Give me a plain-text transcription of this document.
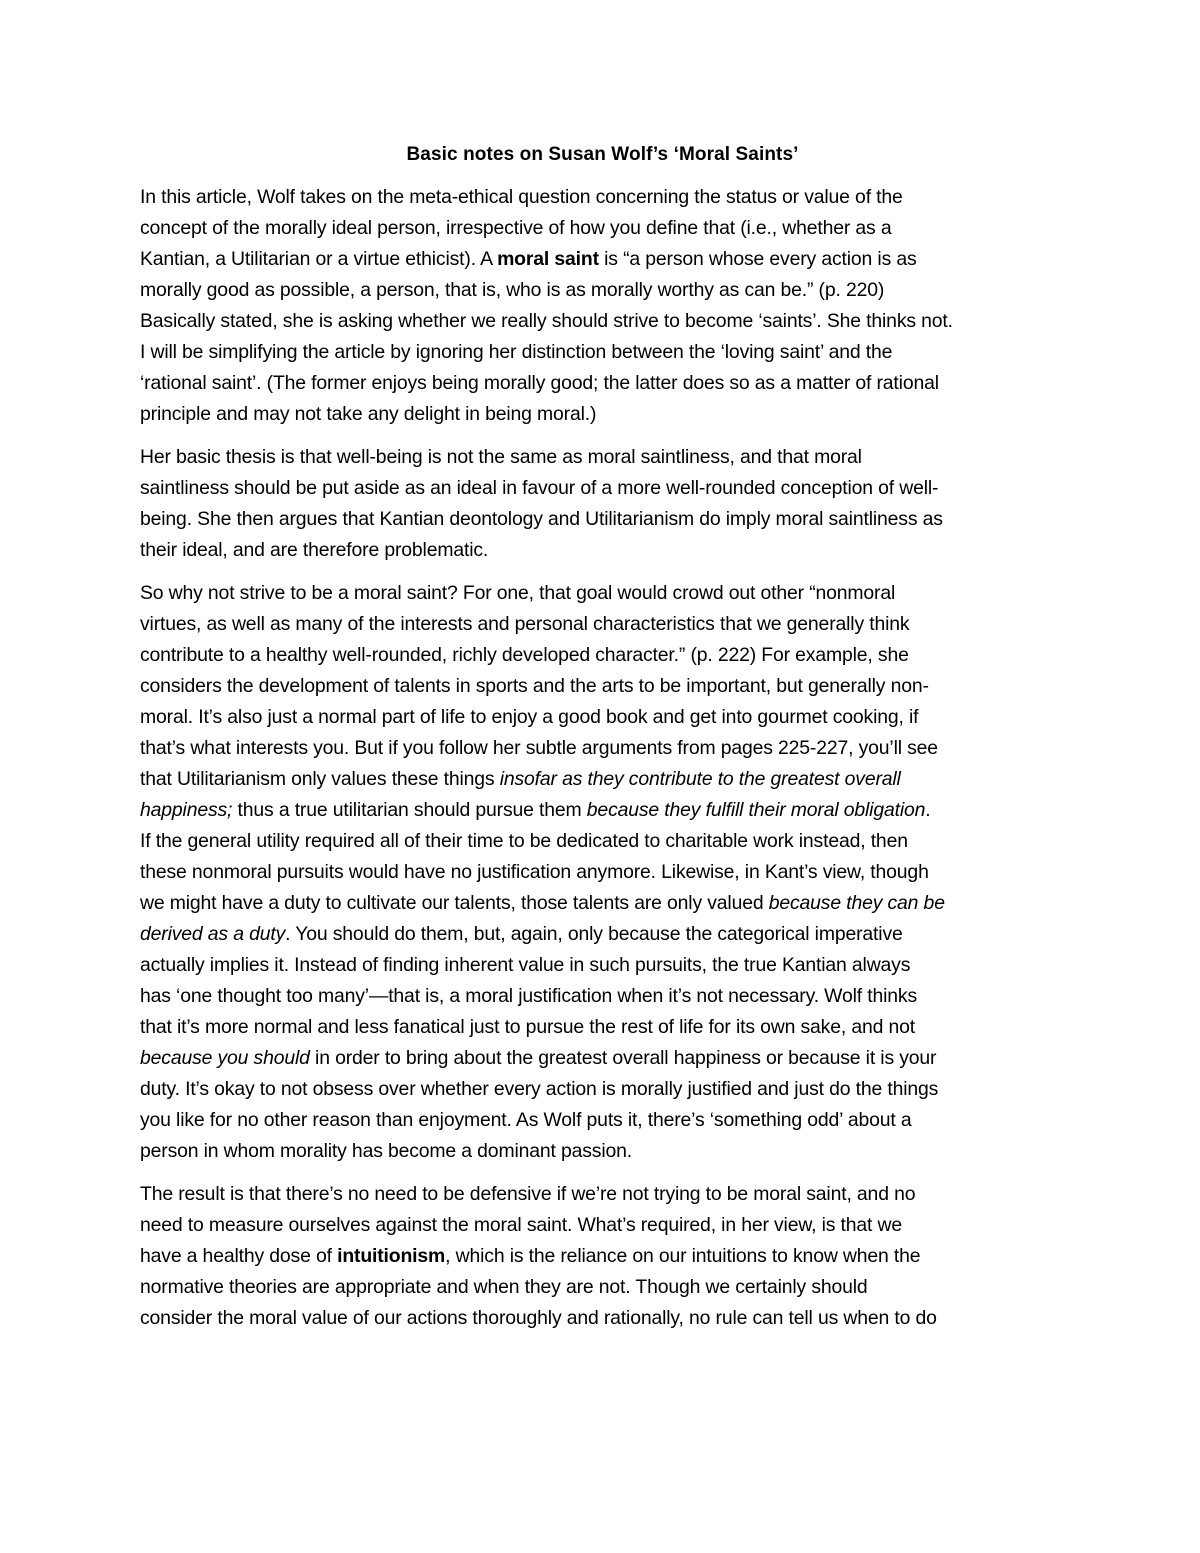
Basic notes on Susan Wolf’s ‘Moral Saints’
In this article, Wolf takes on the meta-ethical question concerning the status or value of the
concept of the morally ideal person, irrespective of how you define that (i.e., whether as a
Kantian, a Utilitarian or a virtue ethicist). A moral saint is “a person whose every action is as
morally good as possible, a person, that is, who is as morally worthy as can be.” (p. 220)
Basically stated, she is asking whether we really should strive to become ‘saints’. She thinks not.
I will be simplifying the article by ignoring her distinction between the ‘loving saint’ and the
‘rational saint’. (The former enjoys being morally good; the latter does so as a matter of rational
principle and may not take any delight in being moral.)
Her basic thesis is that well-being is not the same as moral saintliness, and that moral
saintliness should be put aside as an ideal in favour of a more well-rounded conception of well-
being. She then argues that Kantian deontology and Utilitarianism do imply moral saintliness as
their ideal, and are therefore problematic.
So why not strive to be a moral saint? For one, that goal would crowd out other “nonmoral
virtues, as well as many of the interests and personal characteristics that we generally think
contribute to a healthy well-rounded, richly developed character.” (p. 222) For example, she
considers the development of talents in sports and the arts to be important, but generally non-
moral. It’s also just a normal part of life to enjoy a good book and get into gourmet cooking, if
that’s what interests you. But if you follow her subtle arguments from pages 225-227, you’ll see
that Utilitarianism only values these things insofar as they contribute to the greatest overall
happiness; thus a true utilitarian should pursue them because they fulfill their moral obligation.
If the general utility required all of their time to be dedicated to charitable work instead, then
these nonmoral pursuits would have no justification anymore. Likewise, in Kant’s view, though
we might have a duty to cultivate our talents, those talents are only valued because they can be
derived as a duty. You should do them, but, again, only because the categorical imperative
actually implies it. Instead of finding inherent value in such pursuits, the true Kantian always
has ‘one thought too many’—that is, a moral justification when it’s not necessary. Wolf thinks
that it’s more normal and less fanatical just to pursue the rest of life for its own sake, and not
because you should in order to bring about the greatest overall happiness or because it is your
duty. It’s okay to not obsess over whether every action is morally justified and just do the things
you like for no other reason than enjoyment. As Wolf puts it, there’s ‘something odd’ about a
person in whom morality has become a dominant passion.
The result is that there’s no need to be defensive if we’re not trying to be moral saint, and no
need to measure ourselves against the moral saint. What’s required, in her view, is that we
have a healthy dose of intuitionism, which is the reliance on our intuitions to know when the
normative theories are appropriate and when they are not. Though we certainly should
consider the moral value of our actions thoroughly and rationally, no rule can tell us when to do
